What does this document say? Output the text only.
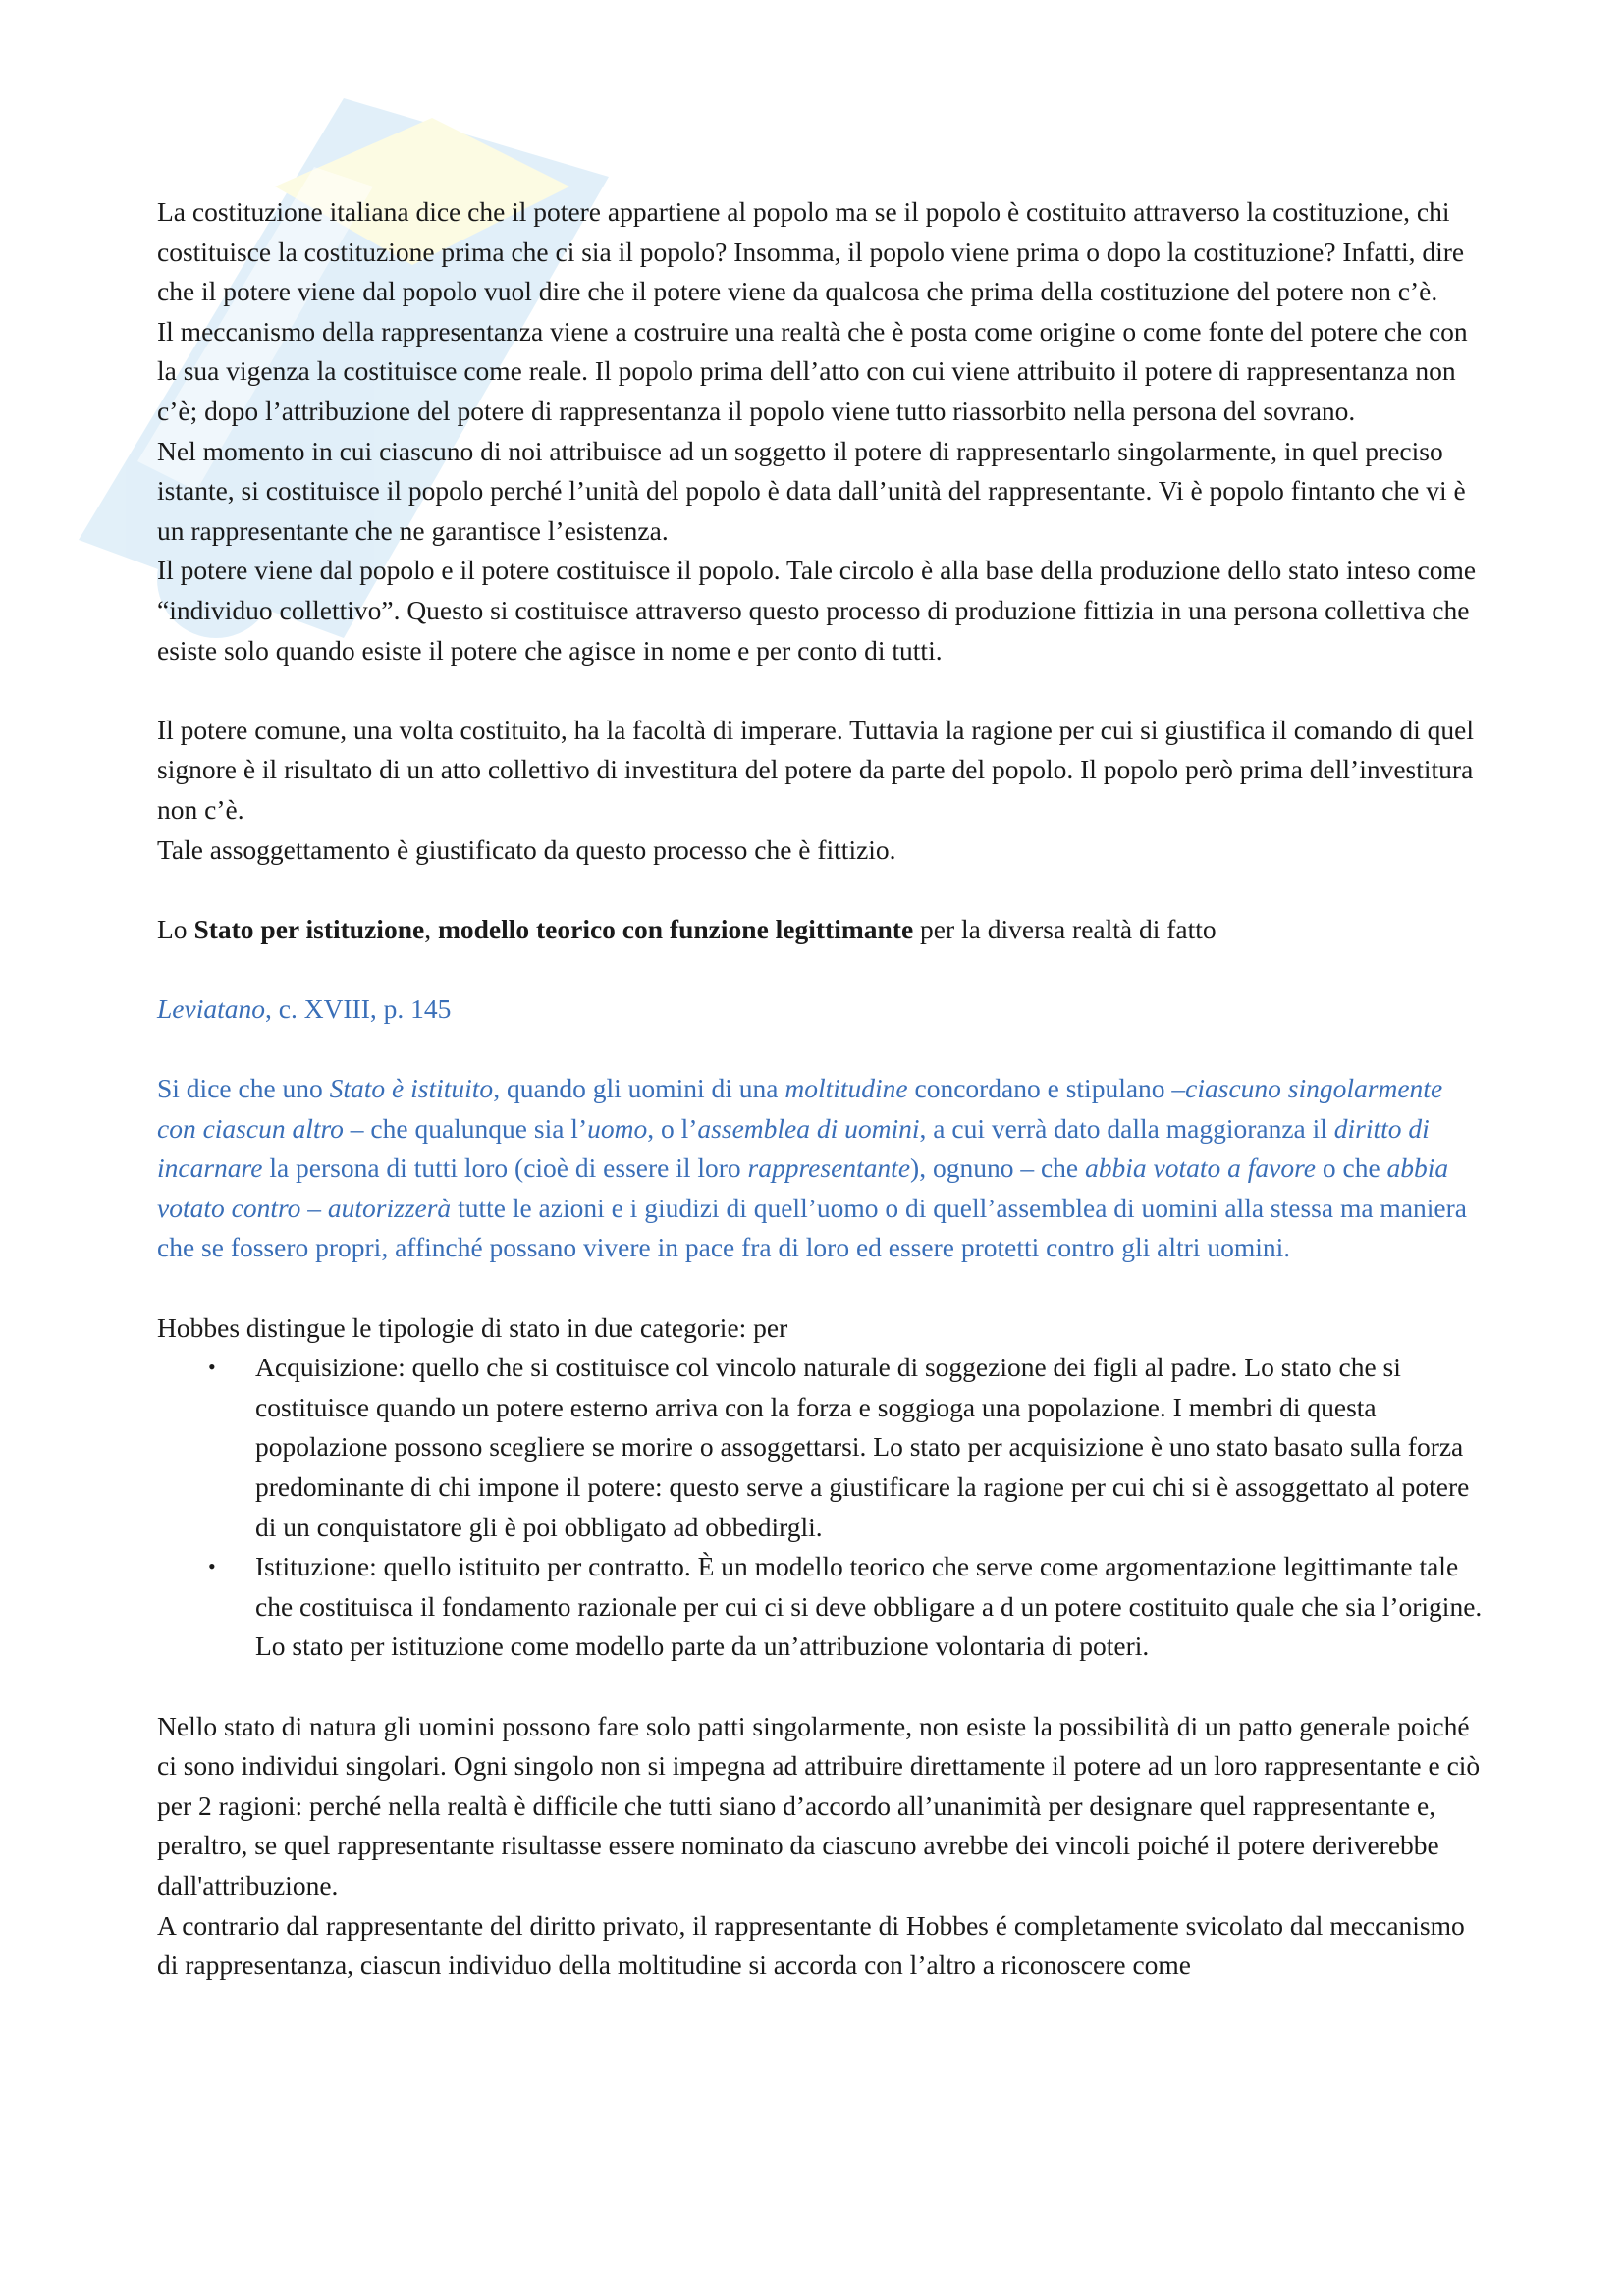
La costituzione italiana dice che il potere appartiene al popolo ma se il popolo è costituito attraverso la costituzione, chi costituisce la costituzione prima che ci sia il popolo? Insomma, il popolo viene prima o dopo la costituzione? Infatti, dire che il potere viene dal popolo vuol dire che il potere viene da qualcosa che prima della costituzione del potere non c’è.

Il meccanismo della rappresentanza viene a costruire una realtà che è posta come origine o come fonte del potere che con la sua vigenza la costituisce come reale. Il popolo prima dell’atto con cui viene attribuito il potere di rappresentanza non c’è; dopo l’attribuzione del potere di rappresentanza il popolo viene tutto riassorbito nella persona del sovrano.

Nel momento in cui ciascuno di noi attribuisce ad un soggetto il potere di rappresentarlo singolarmente, in quel preciso istante, si costituisce il popolo perché l’unità del popolo è data dall’unità del rappresentante. Vi è popolo fintanto che vi è un rappresentante che ne garantisce l’esistenza.

Il potere viene dal popolo e il potere costituisce il popolo. Tale circolo è alla base della produzione dello stato inteso come “individuo collettivo”. Questo si costituisce attraverso questo processo di produzione fittizia in una persona collettiva che esiste solo quando esiste il potere che agisce in nome e per conto di tutti.

Il potere comune, una volta costituito, ha la facoltà di imperare. Tuttavia la ragione per cui si giustifica il comando di quel signore è il risultato di un atto collettivo di investitura del potere da parte del popolo. Il popolo però prima dell’investitura non c’è.

Tale assoggettamento è giustificato da questo processo che è fittizio.

Lo Stato per istituzione, modello teorico con funzione legittimante per la diversa realtà di fatto

Leviatano, c. XVIII, p. 145

Si dice che uno Stato è istituito, quando gli uomini di una moltitudine concordano e stipulano –ciascuno singolarmente con ciascun altro – che qualunque sia l’uomo, o l’assemblea di uomini, a cui verrà dato dalla maggioranza il diritto di incarnare la persona di tutti loro (cioè di essere il loro rappresentante), ognuno – che abbia votato a favore o che abbia votato contro – autorizzerà tutte le azioni e i giudizi di quell’uomo o di quell’assemblea di uomini alla stessa ma maniera che se fossero propri, affinché possano vivere in pace fra di loro ed essere protetti contro gli altri uomini.

Hobbes distingue le tipologie di stato in due categorie: per

• Acquisizione: quello che si costituisce col vincolo naturale di soggezione dei figli al padre. Lo stato che si costituisce quando un potere esterno arriva con la forza e soggioga una popolazione. I membri di questa popolazione possono scegliere se morire o assoggettarsi. Lo stato per acquisizione è uno stato basato sulla forza predominante di chi impone il potere: questo serve a giustificare la ragione per cui chi si è assoggettato al potere di un conquistatore gli è poi obbligato ad obbedirgli.
• Istituzione: quello istituito per contratto. È un modello teorico che serve come argomentazione legittimante tale che costituisca il fondamento razionale per cui ci si deve obbligare a d un potere costituito quale che sia l’origine. Lo stato per istituzione come modello parte da un’attribuzione volontaria di poteri.

Nello stato di natura gli uomini possono fare solo patti singolarmente, non esiste la possibilità di un patto generale poiché ci sono individui singolari. Ogni singolo non si impegna ad attribuire direttamente il potere ad un loro rappresentante e ciò per 2 ragioni: perché nella realtà è difficile che tutti siano d’accordo all’unanimità per designare quel rappresentante e, peraltro, se quel rappresentante risultasse essere nominato da ciascuno avrebbe dei vincoli poiché il potere deriverebbe dall'attribuzione.

A contrario dal rappresentante del diritto privato, il rappresentante di Hobbes é completamente svicolato dal meccanismo di rappresentanza, ciascun individuo della moltitudine si accorda con l’altro a riconoscere come
